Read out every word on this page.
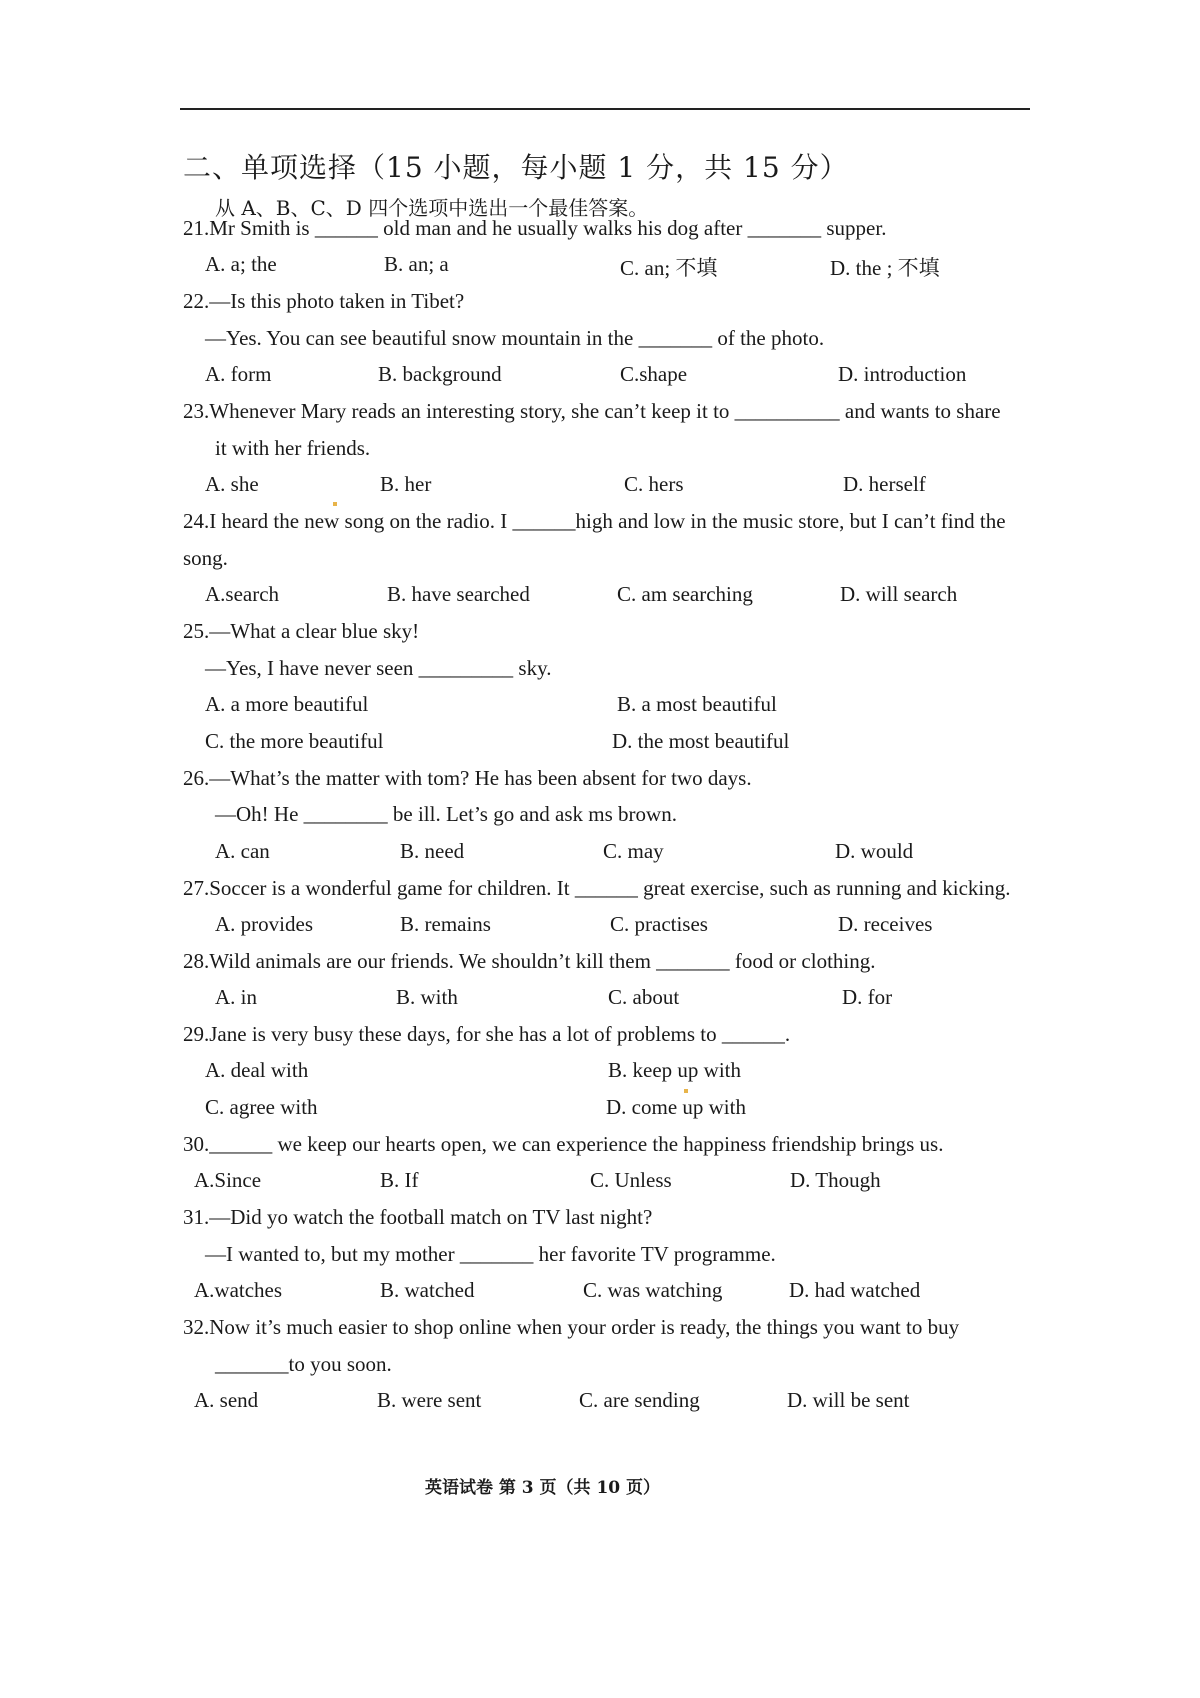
二、单项选择（15 小题，每小题 1 分，共 15 分）
从 A、B、C、D 四个选项中选出一个最佳答案。
21.Mr Smith is ______ old man and he usually walks his dog after _______ supper.
A. a; the	B. an; a	C. an; 不填	D. the ; 不填
22.—Is this photo taken in Tibet?
—Yes. You can see beautiful snow mountain in the _______ of the photo.
A. form	B. background	C.shape	D. introduction
23.Whenever Mary reads an interesting story, she can’t keep it to __________ and wants to share
it with her friends.
A. she	B. her	C. hers	D. herself
24.I heard the new song on the radio. I ______high and low in the music store, but I can’t find the
song.
A.search	B. have searched	C. am searching	D. will search
25.—What a clear blue sky!
—Yes, I have never seen _________ sky.
A. a more beautiful	B. a most beautiful
C. the more beautiful	D. the most beautiful
26.—What’s the matter with tom? He has been absent for two days.
—Oh! He ________ be ill. Let’s go and ask ms brown.
A. can	B. need	C. may	D. would
27.Soccer is a wonderful game for children. It ______ great exercise, such as running and kicking.
A. provides	B. remains	C. practises	D. receives
28.Wild animals are our friends. We shouldn’t kill them _______ food or clothing.
A. in	B. with	C. about	D. for
29.Jane is very busy these days, for she has a lot of problems to ______.
A. deal with	B. keep up with
C. agree with	D. come up with
30.______ we keep our hearts open, we can experience the happiness friendship brings us.
A.Since	B. If	C. Unless	D. Though
31.—Did yo watch the football match on TV last night?
—I wanted to, but my mother _______ her favorite TV programme.
A.watches	B. watched	C. was watching	D. had watched
32.Now it’s much easier to shop online when your order is ready, the things you want to buy
_______to you soon.
A. send	B. were sent	C. are sending	D. will be sent
英语试卷 第 3 页（共 10 页）
